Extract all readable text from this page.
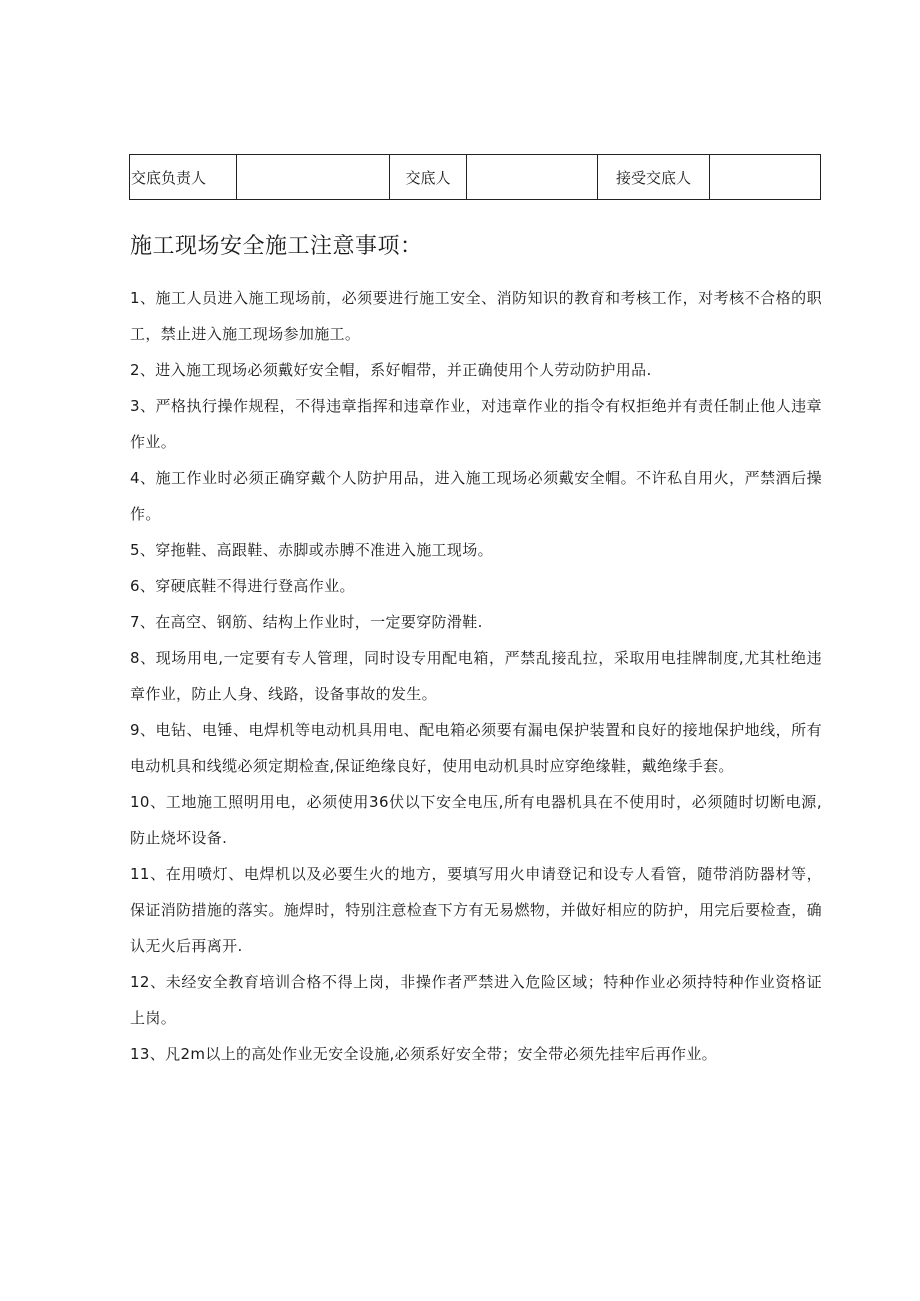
交底负责人		交底人		接受交底人	
施工现场安全施工注意事项：

1、施工人员进入施工现场前，必须要进行施工安全、消防知识的教育和考核工作，对考核不合格的职工，禁止进入施工现场参加施工。

2、进入施工现场必须戴好安全帽，系好帽带，并正确使用个人劳动防护用品.

3、严格执行操作规程，不得违章指挥和违章作业，对违章作业的指令有权拒绝并有责任制止他人违章作业。

4、施工作业时必须正确穿戴个人防护用品，进入施工现场必须戴安全帽。不许私自用火，严禁酒后操作。

5、穿拖鞋、高跟鞋、赤脚或赤膊不准进入施工现场。

6、穿硬底鞋不得进行登高作业。

7、在高空、钢筋、结构上作业时，一定要穿防滑鞋.

8、现场用电,一定要有专人管理，同时设专用配电箱，严禁乱接乱拉，采取用电挂牌制度,尤其杜绝违章作业，防止人身、线路，设备事故的发生。

9、电钻、电锤、电焊机等电动机具用电、配电箱必须要有漏电保护装置和良好的接地保护地线，所有电动机具和线缆必须定期检查,保证绝缘良好，使用电动机具时应穿绝缘鞋，戴绝缘手套。

10、工地施工照明用电，必须使用36伏以下安全电压,所有电器机具在不使用时，必须随时切断电源,防止烧坏设备.

11、在用喷灯、电焊机以及必要生火的地方，要填写用火申请登记和设专人看管，随带消防器材等，保证消防措施的落实。施焊时，特别注意检查下方有无易燃物，并做好相应的防护，用完后要检查，确认无火后再离开.

12、未经安全教育培训合格不得上岗，非操作者严禁进入危险区域；特种作业必须持特种作业资格证上岗。

13、凡2m以上的高处作业无安全设施,必须系好安全带；安全带必须先挂牢后再作业。
